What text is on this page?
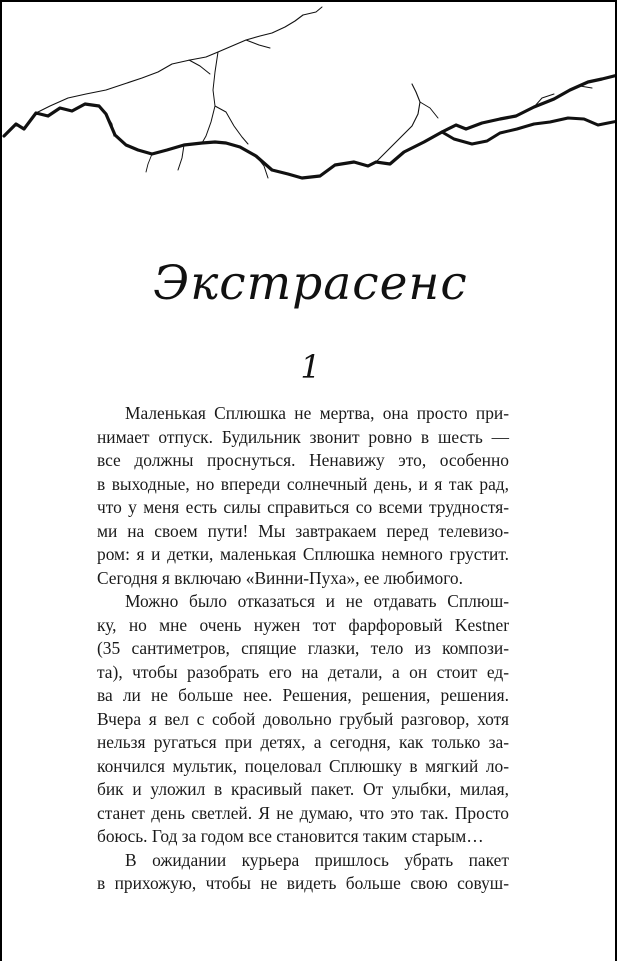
Экстрасенс
1
Маленькая Сплюшка не мертва, она просто при-
нимает отпуск. Будильник звонит ровно в шесть —
все должны проснуться. Ненавижу это, особенно
в выходные, но впереди солнечный день, и я так рад,
что у меня есть силы справиться со всеми трудностя-
ми на своем пути! Мы завтракаем перед телевизо-
ром: я и детки, маленькая Сплюшка немного грустит.
Сегодня я включаю «Винни-Пуха», ее любимого.
Можно было отказаться и не отдавать Сплюш-
ку, но мне очень нужен тот фарфоровый Kestner
(35 сантиметров, спящие глазки, тело из компози-
та), чтобы разобрать его на детали, а он стоит ед-
ва ли не больше нее. Решения, решения, решения.
Вчера я вел с собой довольно грубый разговор, хотя
нельзя ругаться при детях, а сегодня, как только за-
кончился мультик, поцеловал Сплюшку в мягкий ло-
бик и уложил в красивый пакет. От улыбки, милая,
станет день светлей. Я не думаю, что это так. Просто
боюсь. Год за годом все становится таким старым…
В ожидании курьера пришлось убрать пакет
в прихожую, чтобы не видеть больше свою совуш-
